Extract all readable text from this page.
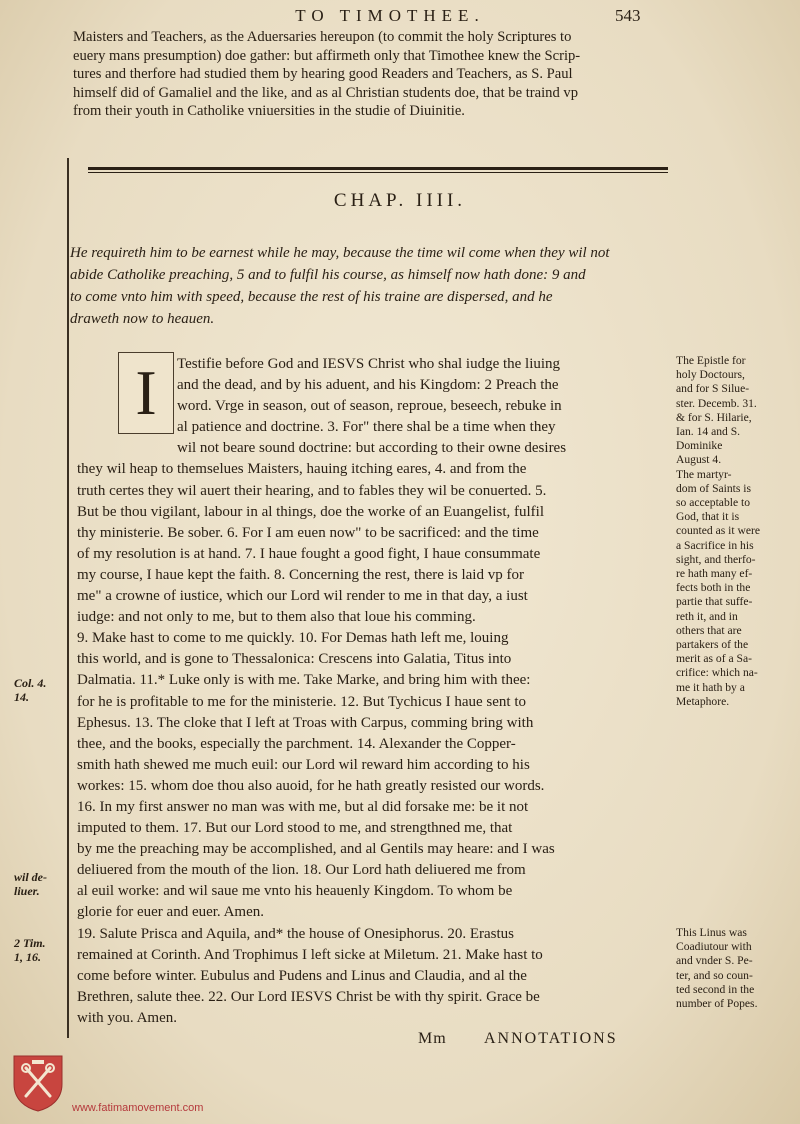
TO TIMOTHEE.	543
Maisters and Teachers, as the Aduersaries hereupon (to commit the holy Scriptures to
euery mans presumption) doe gather: but affirmeth only that Timothee knew the Scrip-
tures and therfore had studied them by hearing good Readers and Teachers, as S. Paul
himself did of Gamaliel and the like, and as al Christian students doe, that be traind vp
from their youth in Catholike vniuersities in the studie of Diuinitie.
CHAP. IIII.
He requireth him to be earnest while he may, because the time wil come when they wil not
abide Catholike preaching, 5 and to fulfil his course, as himself now hath done: 9 and
to come vnto him with speed, because the rest of his traine are dispersed, and he
draweth now to heauen.
I	Testifie before God and IESVS Christ who shal iudge the liuing
and the dead, and by his aduent, and his Kingdom: 2 Preach the
word. Vrge in season, out of season, reproue, beseech, rebuke in
al patience and doctrine. 3. For" there shal be a time when they
wil not beare sound doctrine: but according to their owne desires
they wil heap to themselues Maisters, hauing itching eares, 4. and from the
truth certes they wil auert their hearing, and to fables they wil be conuerted. 5.
But be thou vigilant, labour in al things, doe the worke of an Euangelist, fulfil
thy ministerie. Be sober. 6. For I am euen now" to be sacrificed: and the time
of my resolution is at hand. 7. I haue fought a good fight, I haue consummate
my course, I haue kept the faith. 8. Concerning the rest, there is laid vp for
me" a crowne of iustice, which our Lord wil render to me in that day, a iust
iudge: and not only to me, but to them also that loue his comming.
9. Make hast to come to me quickly. 10. For Demas hath left me, louing
this world, and is gone to Thessalonica: Crescens into Galatia, Titus into
Dalmatia. 11.* Luke only is with me. Take Marke, and bring him with thee:
for he is profitable to me for the ministerie. 12. But Tychicus I haue sent to
Ephesus. 13. The cloke that I left at Troas with Carpus, comming bring with
thee, and the books, especially the parchment. 14. Alexander the Copper-
smith hath shewed me much euil: our Lord wil reward him according to his
workes: 15. whom doe thou also auoid, for he hath greatly resisted our words.
16. In my first answer no man was with me, but al did forsake me: be it not
imputed to them. 17. But our Lord stood to me, and strengthned me, that
by me the preaching may be accomplished, and al Gentils may heare: and I was
deliuered from the mouth of the lion. 18. Our Lord hath deliuered me from
al euil worke: and wil saue me vnto his heauenly Kingdom. To whom be
glorie for euer and euer. Amen.
19. Salute Prisca and Aquila, and* the house of Onesiphorus. 20. Erastus
remained at Corinth. And Trophimus I left sicke at Miletum. 21. Make hast to
come before winter. Eubulus and Pudens and Linus and Claudia, and al the
Brethren, salute thee. 22. Our Lord IESVS Christ be with thy spirit. Grace be
with you. Amen.
The Epistle for
holy Doctours,
and for S Silue-
ster. Decemb. 31.
& for S. Hilarie,
Ian. 14 and S.
Dominike
August 4.
The martyr-
dom of Saints is
so acceptable to
God, that it is
counted as it were
a Sacrifice in his
sight, and therfo-
re hath many ef-
fects both in the
partie that suffe-
reth it, and in
others that are
partakers of the
merit as of a Sa-
crifice: which na-
me it hath by a
Metaphore.
This Linus was
Coadiutour with
and vnder S. Pe-
ter, and so coun-
ted second in the
number of Popes.
Col. 4. 14.
wil de- liuer.
2 Tim. 1, 16.
Mm ANNOTATIONS
www.fatimamovement.com
